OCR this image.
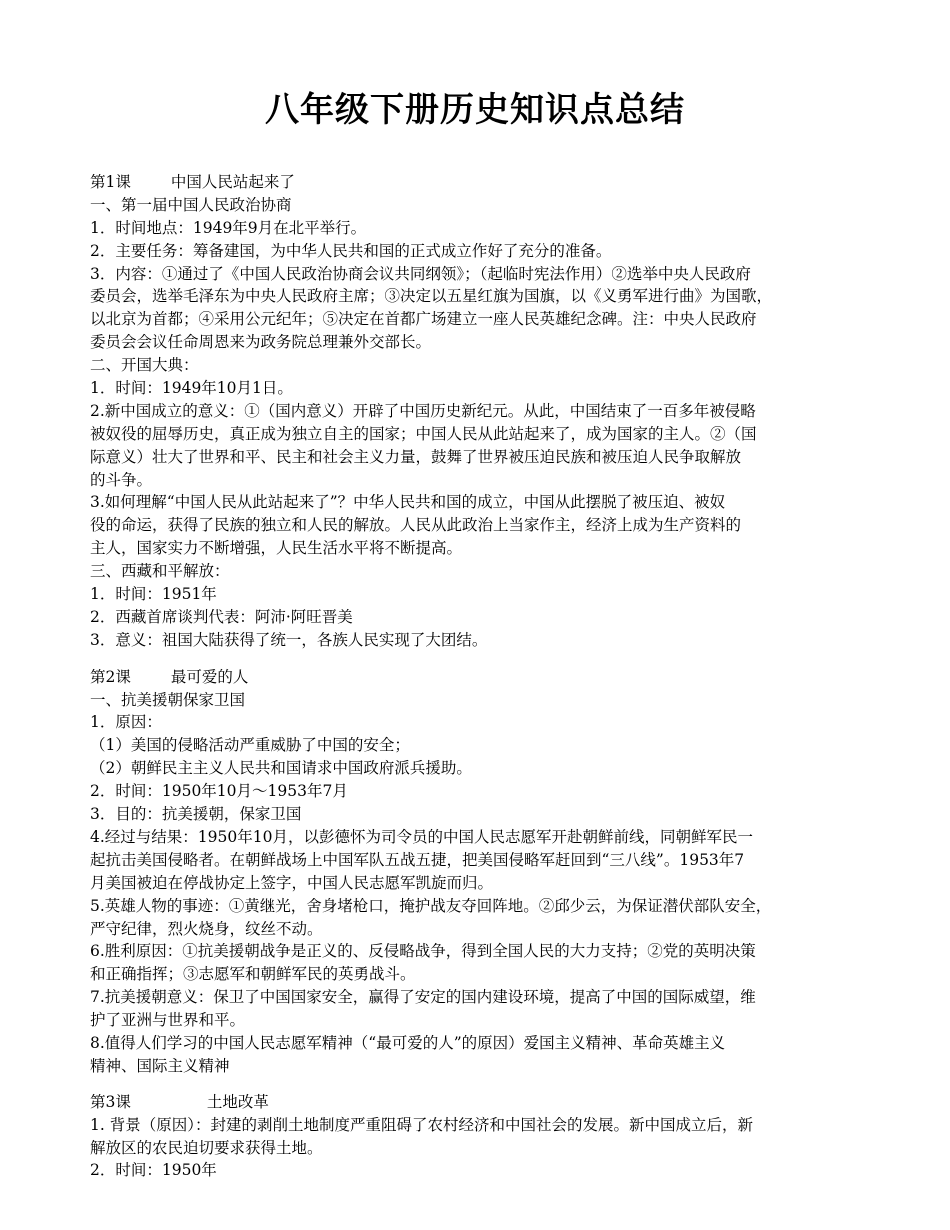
八年级下册历史知识点总结
第1课	中国人民站起来了
一、第一届中国人民政治协商
1．时间地点：1949年9月在北平举行。
2．主要任务：筹备建国，为中华人民共和国的正式成立作好了充分的准备。
3．内容：①通过了《中国人民政治协商会议共同纲领》；（起临时宪法作用）②选举中央人民政府
委员会，选举毛泽东为中央人民政府主席；③决定以五星红旗为国旗，以《义勇军进行曲》为国歌，
以北京为首都；④采用公元纪年；⑤决定在首都广场建立一座人民英雄纪念碑。注：中央人民政府
委员会会议任命周恩来为政务院总理兼外交部长。
二、开国大典：
1．时间：1949年10月1日。
2.新中国成立的意义：①（国内意义）开辟了中国历史新纪元。从此，中国结束了一百多年被侵略
被奴役的屈辱历史，真正成为独立自主的国家；中国人民从此站起来了，成为国家的主人。②（国
际意义）壮大了世界和平、民主和社会主义力量，鼓舞了世界被压迫民族和被压迫人民争取解放
的斗争。
3.如何理解“中国人民从此站起来了”？中华人民共和国的成立，中国从此摆脱了被压迫、被奴
役的命运，获得了民族的独立和人民的解放。人民从此政治上当家作主，经济上成为生产资料的
主人，国家实力不断增强，人民生活水平将不断提高。
三、西藏和平解放：
1．时间：1951年
2．西藏首席谈判代表：阿沛·阿旺晋美
3．意义：祖国大陆获得了统一，各族人民实现了大团结。
第2课	最可爱的人
一、抗美援朝保家卫国
1．原因：
（1）美国的侵略活动严重威胁了中国的安全；
（2）朝鲜民主主义人民共和国请求中国政府派兵援助。
2．时间：1950年10月～1953年7月
3．目的：抗美援朝，保家卫国
4.经过与结果：1950年10月，以彭德怀为司令员的中国人民志愿军开赴朝鲜前线，同朝鲜军民一
起抗击美国侵略者。在朝鲜战场上中国军队五战五捷，把美国侵略军赶回到“三八线”。1953年7
月美国被迫在停战协定上签字，中国人民志愿军凯旋而归。
5.英雄人物的事迹：①黄继光，舍身堵枪口，掩护战友夺回阵地。②邱少云，为保证潜伏部队安全，
严守纪律，烈火烧身，纹丝不动。
6.胜利原因：①抗美援朝战争是正义的、反侵略战争，得到全国人民的大力支持；②党的英明决策
和正确指挥；③志愿军和朝鲜军民的英勇战斗。
7.抗美援朝意义：保卫了中国国家安全，赢得了安定的国内建设环境，提高了中国的国际威望，维
护了亚洲与世界和平。
8.值得人们学习的中国人民志愿军精神（“最可爱的人”的原因）爱国主义精神、革命英雄主义
精神、国际主义精神
第3课	土地改革
1. 背景（原因）：封建的剥削土地制度严重阻碍了农村经济和中国社会的发展。新中国成立后，新
解放区的农民迫切要求获得土地。
2．时间：1950年
